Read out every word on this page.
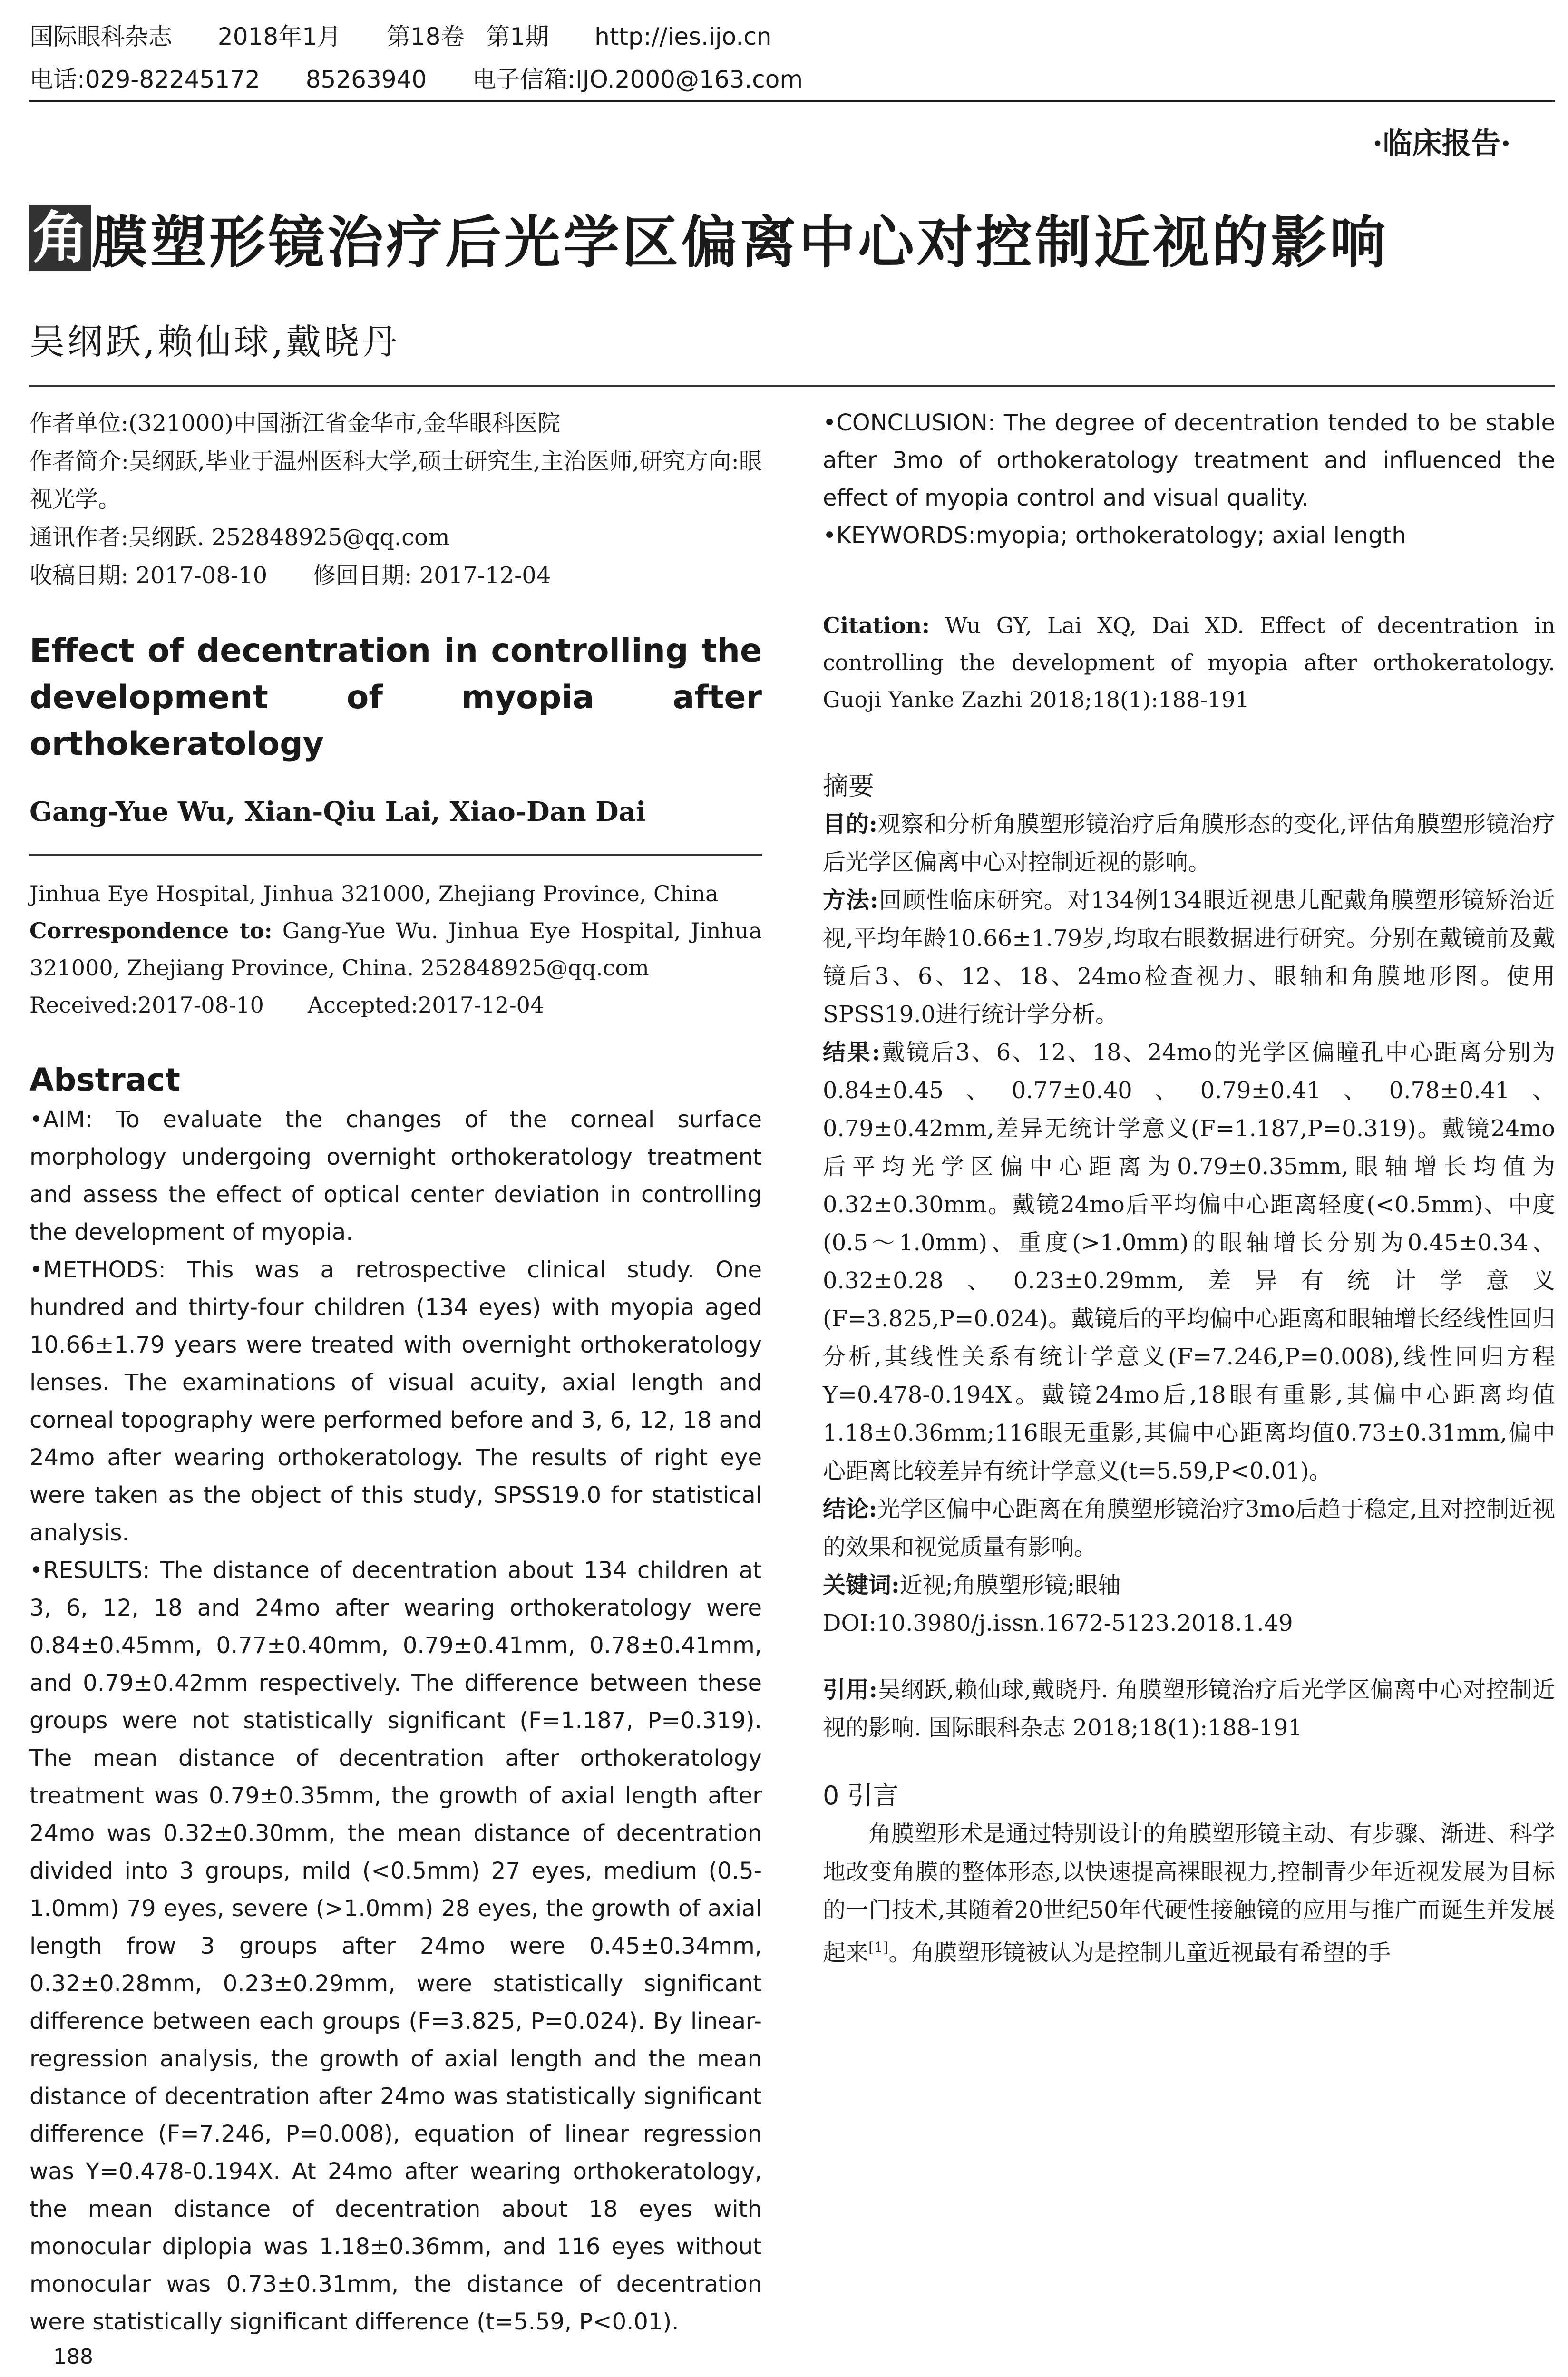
国际眼科杂志 2018年1月 第18卷 第1期 http://ies.ijo.cn
电话:029-82245172 85263940 电子信箱:IJO.2000@163.com
·临床报告·
角 膜塑形镜治疗后光学区偏离中心对控制近视的影响
吴纲跃,赖仙球,戴晓丹

作者单位:(321000)中国浙江省金华市,金华眼科医院

作者简介:吴纲跃,毕业于温州医科大学,硕士研究生,主治医师,研究方向:眼视光学。

通讯作者:吴纲跃. 252848925@qq.com

收稿日期: 2017-08-10　　修回日期: 2017-12-04

Effect of decentration in controlling the development of myopia after orthokeratology
Gang-Yue Wu, Xian-Qiu Lai, Xiao-Dan Dai

Jinhua Eye Hospital, Jinhua 321000, Zhejiang Province, China

Correspondence to: Gang-Yue Wu. Jinhua Eye Hospital, Jinhua 321000, Zhejiang Province, China. 252848925@qq.com

Received:2017-08-10　　Accepted:2017-12-04

Abstract

•AIM: To evaluate the changes of the corneal surface morphology undergoing overnight orthokeratology treatment and assess the effect of optical center deviation in controlling the development of myopia.

•METHODS: This was a retrospective clinical study. One hundred and thirty-four children (134 eyes) with myopia aged 10.66±1.79 years were treated with overnight orthokeratology lenses. The examinations of visual acuity, axial length and corneal topography were performed before and 3, 6, 12, 18 and 24mo after wearing orthokeratology. The results of right eye were taken as the object of this study, SPSS19.0 for statistical analysis.

•RESULTS: The distance of decentration about 134 children at 3, 6, 12, 18 and 24mo after wearing orthokeratology were 0.84±0.45mm, 0.77±0.40mm, 0.79±0.41mm, 0.78±0.41mm, and 0.79±0.42mm respectively. The difference between these groups were not statistically significant (F=1.187, P=0.319). The mean distance of decentration after orthokeratology treatment was 0.79±0.35mm, the growth of axial length after 24mo was 0.32±0.30mm, the mean distance of decentration divided into 3 groups, mild (<0.5mm) 27 eyes, medium (0.5-1.0mm) 79 eyes, severe (>1.0mm) 28 eyes, the growth of axial length frow 3 groups after 24mo were 0.45±0.34mm, 0.32±0.28mm, 0.23±0.29mm, were statistically significant difference between each groups (F=3.825, P=0.024). By linear-regression analysis, the growth of axial length and the mean distance of decentration after 24mo was statistically significant difference (F=7.246, P=0.008), equation of linear regression was Y=0.478-0.194X. At 24mo after wearing orthokeratology, the mean distance of decentration about 18 eyes with monocular diplopia was 1.18±0.36mm, and 116 eyes without monocular was 0.73±0.31mm, the distance of decentration were statistically significant difference (t=5.59, P<0.01).

•CONCLUSION: The degree of decentration tended to be stable after 3mo of orthokeratology treatment and influenced the effect of myopia control and visual quality.

•KEYWORDS:myopia; orthokeratology; axial length

Citation: Wu GY, Lai XQ, Dai XD. Effect of decentration in controlling the development of myopia after orthokeratology. Guoji Yanke Zazhi 2018;18(1):188-191

摘要

目的:观察和分析角膜塑形镜治疗后角膜形态的变化,评估角膜塑形镜治疗后光学区偏离中心对控制近视的影响。

方法:回顾性临床研究。对134例134眼近视患儿配戴角膜塑形镜矫治近视,平均年龄10.66±1.79岁,均取右眼数据进行研究。分别在戴镜前及戴镜后3、6、12、18、24mo检查视力、眼轴和角膜地形图。使用SPSS19.0进行统计学分析。

结果:戴镜后3、6、12、18、24mo的光学区偏瞳孔中心距离分别为0.84±0.45、0.77±0.40、0.79±0.41、0.78±0.41、0.79±0.42mm,差异无统计学意义(F=1.187,P=0.319)。戴镜24mo后平均光学区偏中心距离为0.79±0.35mm,眼轴增长均值为0.32±0.30mm。戴镜24mo后平均偏中心距离轻度(<0.5mm)、中度(0.5～1.0mm)、重度(>1.0mm)的眼轴增长分别为0.45±0.34、0.32±0.28、0.23±0.29mm,差异有统计学意义(F=3.825,P=0.024)。戴镜后的平均偏中心距离和眼轴增长经线性回归分析,其线性关系有统计学意义(F=7.246,P=0.008),线性回归方程Y=0.478-0.194X。戴镜24mo后,18眼有重影,其偏中心距离均值1.18±0.36mm;116眼无重影,其偏中心距离均值0.73±0.31mm,偏中心距离比较差异有统计学意义(t=5.59,P<0.01)。

结论:光学区偏中心距离在角膜塑形镜治疗3mo后趋于稳定,且对控制近视的效果和视觉质量有影响。

关键词:近视;角膜塑形镜;眼轴

DOI:10.3980/j.issn.1672-5123.2018.1.49

引用:吴纲跃,赖仙球,戴晓丹. 角膜塑形镜治疗后光学区偏离中心对控制近视的影响. 国际眼科杂志 2018;18(1):188-191

0 引言

角膜塑形术是通过特别设计的角膜塑形镜主动、有步骤、渐进、科学地改变角膜的整体形态,以快速提高裸眼视力,控制青少年近视发展为目标的一门技术,其随着20世纪50年代硬性接触镜的应用与推广而诞生并发展起来[1]。角膜塑形镜被认为是控制儿童近视最有希望的手

188
